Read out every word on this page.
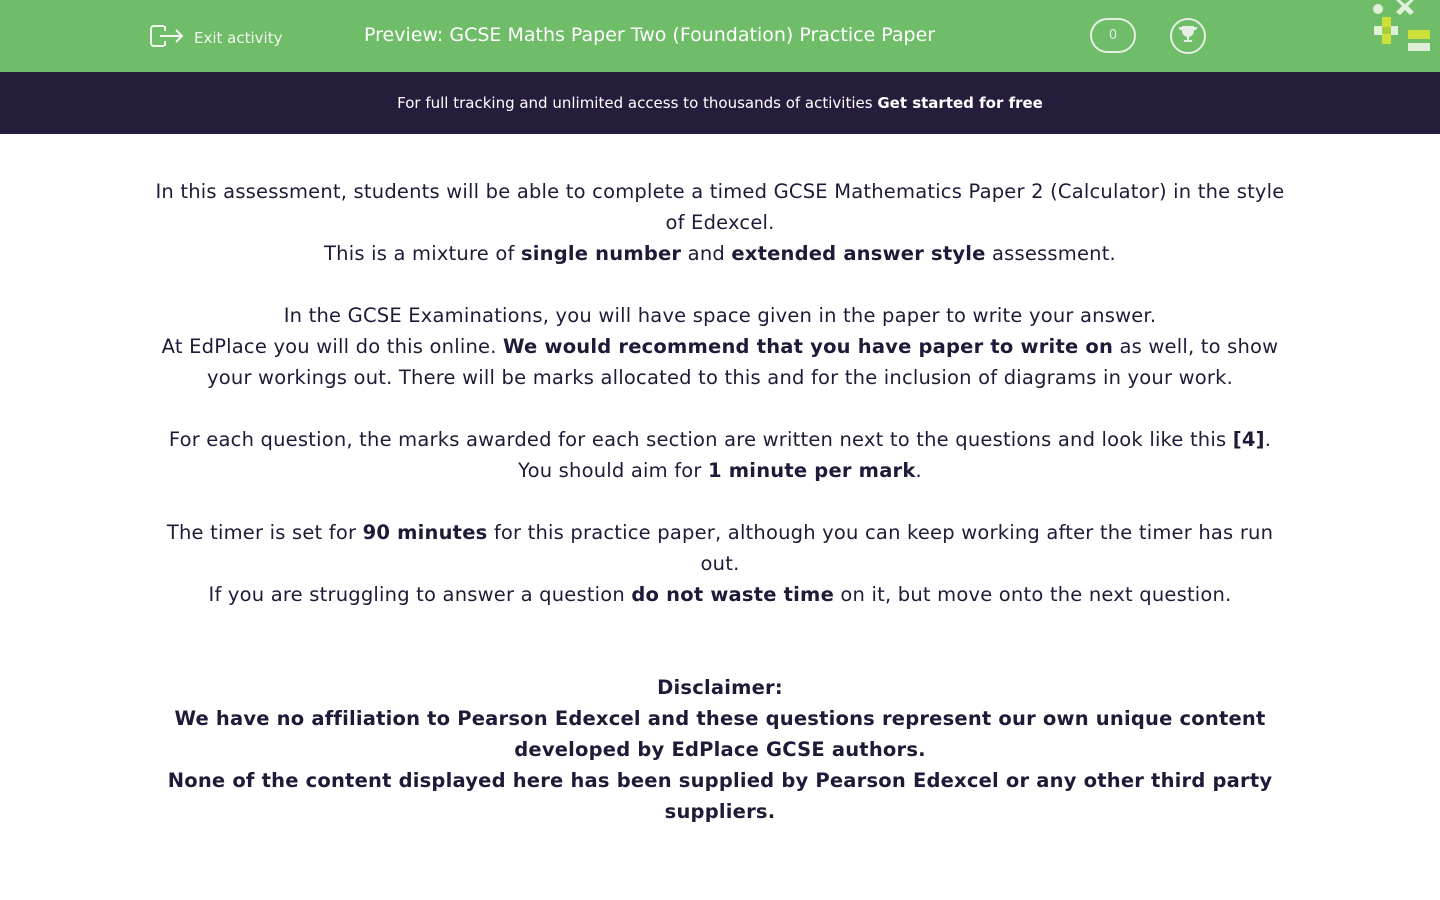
Exit activity	Preview: GCSE Maths Paper Two (Foundation) Practice Paper	0
For full tracking and unlimited access to thousands of activities Get started for free

In this assessment, students will be able to complete a timed GCSE Mathematics Paper 2 (Calculator) in the style of Edexcel.

This is a mixture of single number and extended answer style assessment.

In the GCSE Examinations, you will have space given in the paper to write your answer.

At EdPlace you will do this online. We would recommend that you have paper to write on as well, to show your workings out. There will be marks allocated to this and for the inclusion of diagrams in your work.

For each question, the marks awarded for each section are written next to the questions and look like this [4].

You should aim for 1 minute per mark.

The timer is set for 90 minutes for this practice paper, although you can keep working after the timer has run out.

If you are struggling to answer a question do not waste time on it, but move onto the next question.

Disclaimer:

We have no affiliation to Pearson Edexcel and these questions represent our own unique content developed by EdPlace GCSE authors.

None of the content displayed here has been supplied by Pearson Edexcel or any other third party suppliers.
